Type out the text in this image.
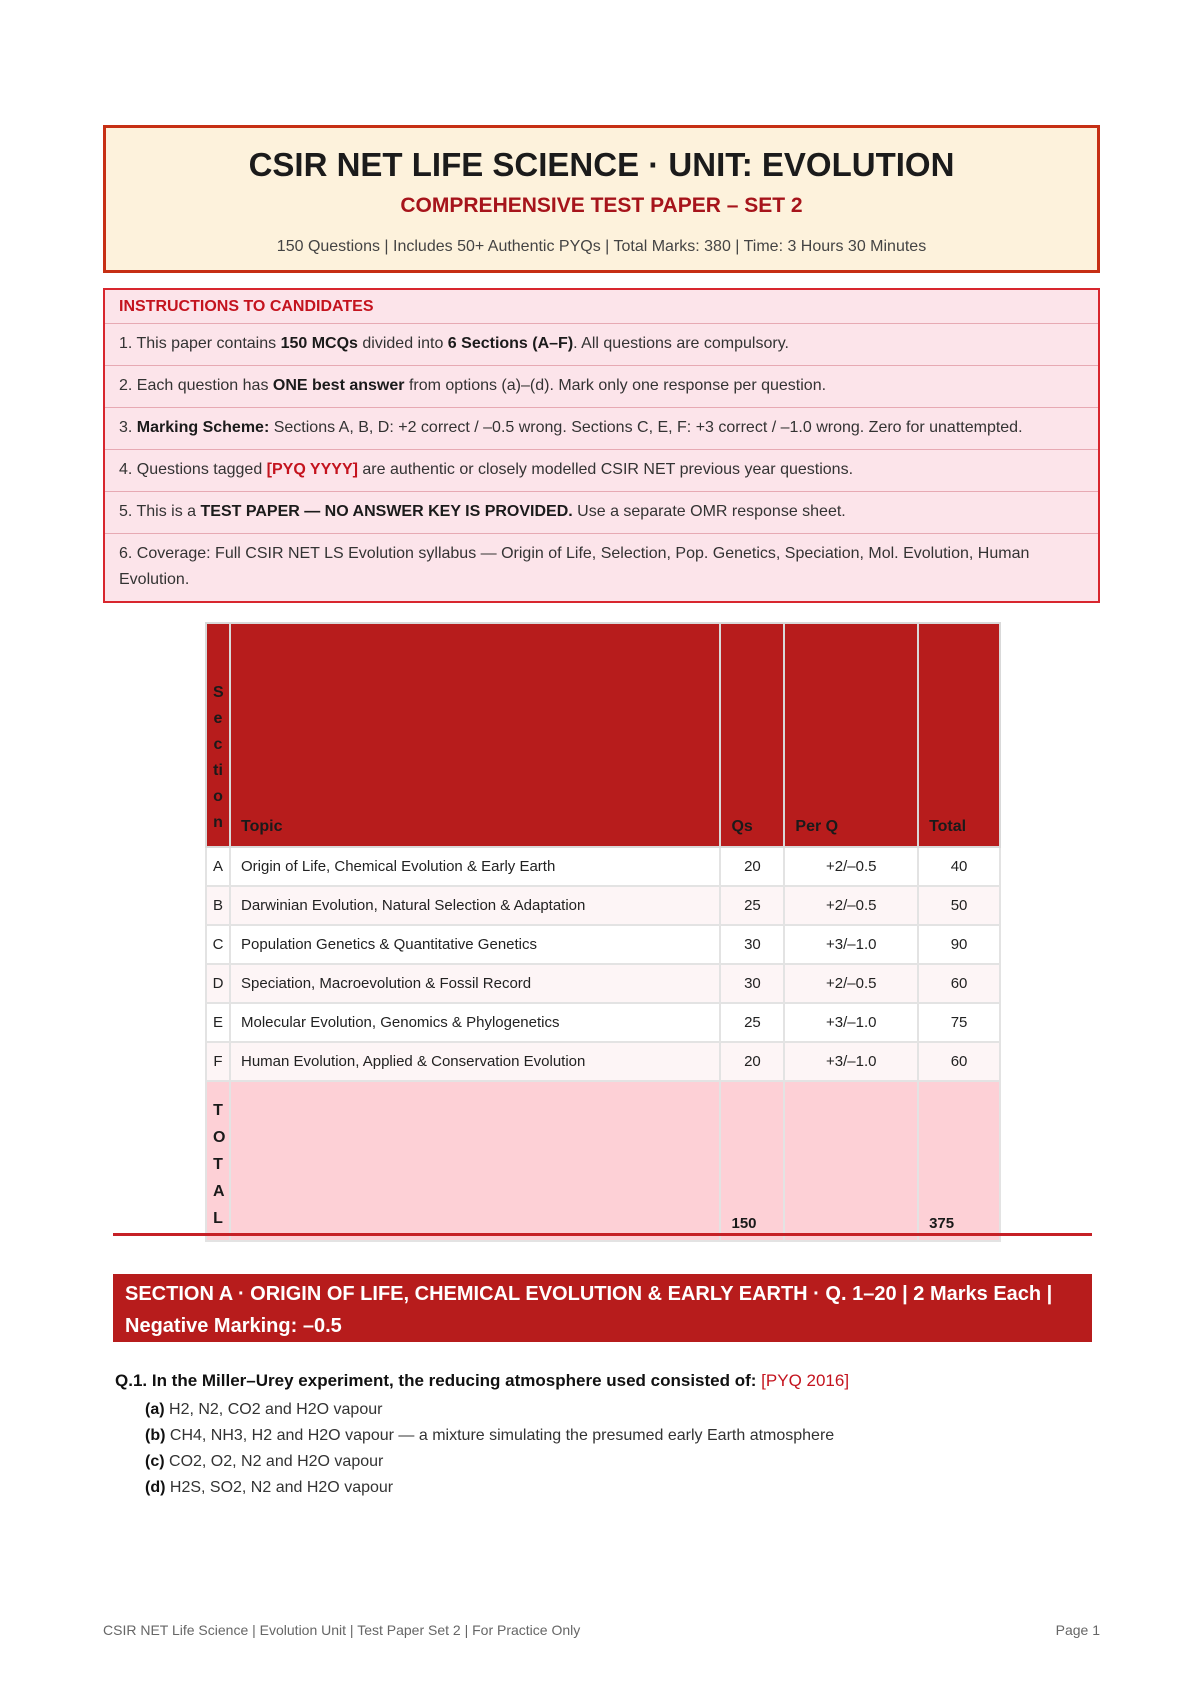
CSIR NET LIFE SCIENCE · UNIT: EVOLUTION
COMPREHENSIVE TEST PAPER – SET 2
150 Questions | Includes 50+ Authentic PYQs | Total Marks: 380 | Time: 3 Hours 30 Minutes
INSTRUCTIONS TO CANDIDATES
1. This paper contains 150 MCQs divided into 6 Sections (A–F). All questions are compulsory.
2. Each question has ONE best answer from options (a)–(d). Mark only one response per question.
3. Marking Scheme: Sections A, B, D: +2 correct / –0.5 wrong. Sections C, E, F: +3 correct / –1.0 wrong. Zero for unattempted.
4. Questions tagged [PYQ YYYY] are authentic or closely modelled CSIR NET previous year questions.
5. This is a TEST PAPER — NO ANSWER KEY IS PROVIDED. Use a separate OMR response sheet.
6. Coverage: Full CSIR NET LS Evolution syllabus — Origin of Life, Selection, Pop. Genetics, Speciation, Mol. Evolution, Human Evolution.
Section	Topic	Qs	Per Q	Total
A	Origin of Life, Chemical Evolution & Early Earth	20	+2/–0.5	40
B	Darwinian Evolution, Natural Selection & Adaptation	25	+2/–0.5	50
C	Population Genetics & Quantitative Genetics	30	+3/–1.0	90
D	Speciation, Macroevolution & Fossil Record	30	+2/–0.5	60
E	Molecular Evolution, Genomics & Phylogenetics	25	+3/–1.0	75
F	Human Evolution, Applied & Conservation Evolution	20	+3/–1.0	60

TOTAL		150		375
SECTION A · ORIGIN OF LIFE, CHEMICAL EVOLUTION & EARLY EARTH · Q. 1–20 | 2 Marks Each | Negative Marking: –0.5
Q.1. In the Miller–Urey experiment, the reducing atmosphere used consisted of: [PYQ 2016]
(a) H2, N2, CO2 and H2O vapour
(b) CH4, NH3, H2 and H2O vapour — a mixture simulating the presumed early Earth atmosphere
(c) CO2, O2, N2 and H2O vapour
(d) H2S, SO2, N2 and H2O vapour
CSIR NET Life Science | Evolution Unit | Test Paper Set 2 | For Practice Only	Page 1
